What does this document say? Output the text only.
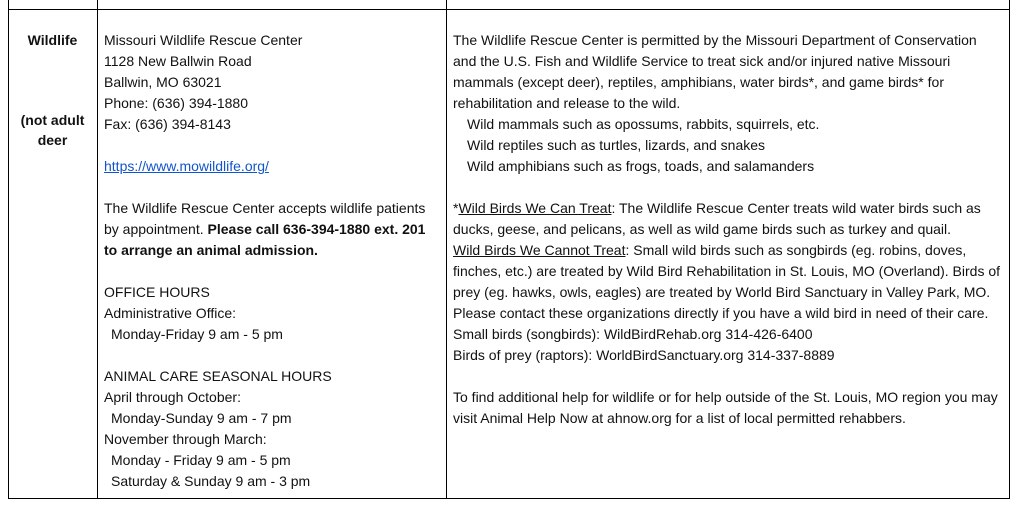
Wildlife
(not adult
deer
Missouri Wildlife Rescue Center
1128 New Ballwin Road
Ballwin, MO 63021
Phone: (636) 394-1880
Fax: (636) 394-8143
https://www.mowildlife.org/
The Wildlife Rescue Center accepts wildlife patients by appointment. Please call 636-394-1880 ext. 201 to arrange an animal admission.
OFFICE HOURS
Administrative Office:
Monday-Friday 9 am - 5 pm
ANIMAL CARE SEASONAL HOURS
April through October:
Monday-Sunday 9 am - 7 pm
November through March:
Monday - Friday 9 am - 5 pm
Saturday & Sunday 9 am - 3 pm
The Wildlife Rescue Center is permitted by the Missouri Department of Conservation and the U.S. Fish and Wildlife Service to treat sick and/or injured native Missouri mammals (except deer), reptiles, amphibians, water birds*, and game birds* for rehabilitation and release to the wild.
Wild mammals such as opossums, rabbits, squirrels, etc.
Wild reptiles such as turtles, lizards, and snakes
Wild amphibians such as frogs, toads, and salamanders
*Wild Birds We Can Treat: The Wildlife Rescue Center treats wild water birds such as ducks, geese, and pelicans, as well as wild game birds such as turkey and quail.
Wild Birds We Cannot Treat: Small wild birds such as songbirds (eg. robins, doves, finches, etc.) are treated by Wild Bird Rehabilitation in St. Louis, MO (Overland). Birds of prey (eg. hawks, owls, eagles) are treated by World Bird Sanctuary in Valley Park, MO. Please contact these organizations directly if you have a wild bird in need of their care.
Small birds (songbirds): WildBirdRehab.org 314-426-6400
Birds of prey (raptors): WorldBirdSanctuary.org 314-337-8889
To find additional help for wildlife or for help outside of the St. Louis, MO region you may visit Animal Help Now at ahnow.org for a list of local permitted rehabbers.
